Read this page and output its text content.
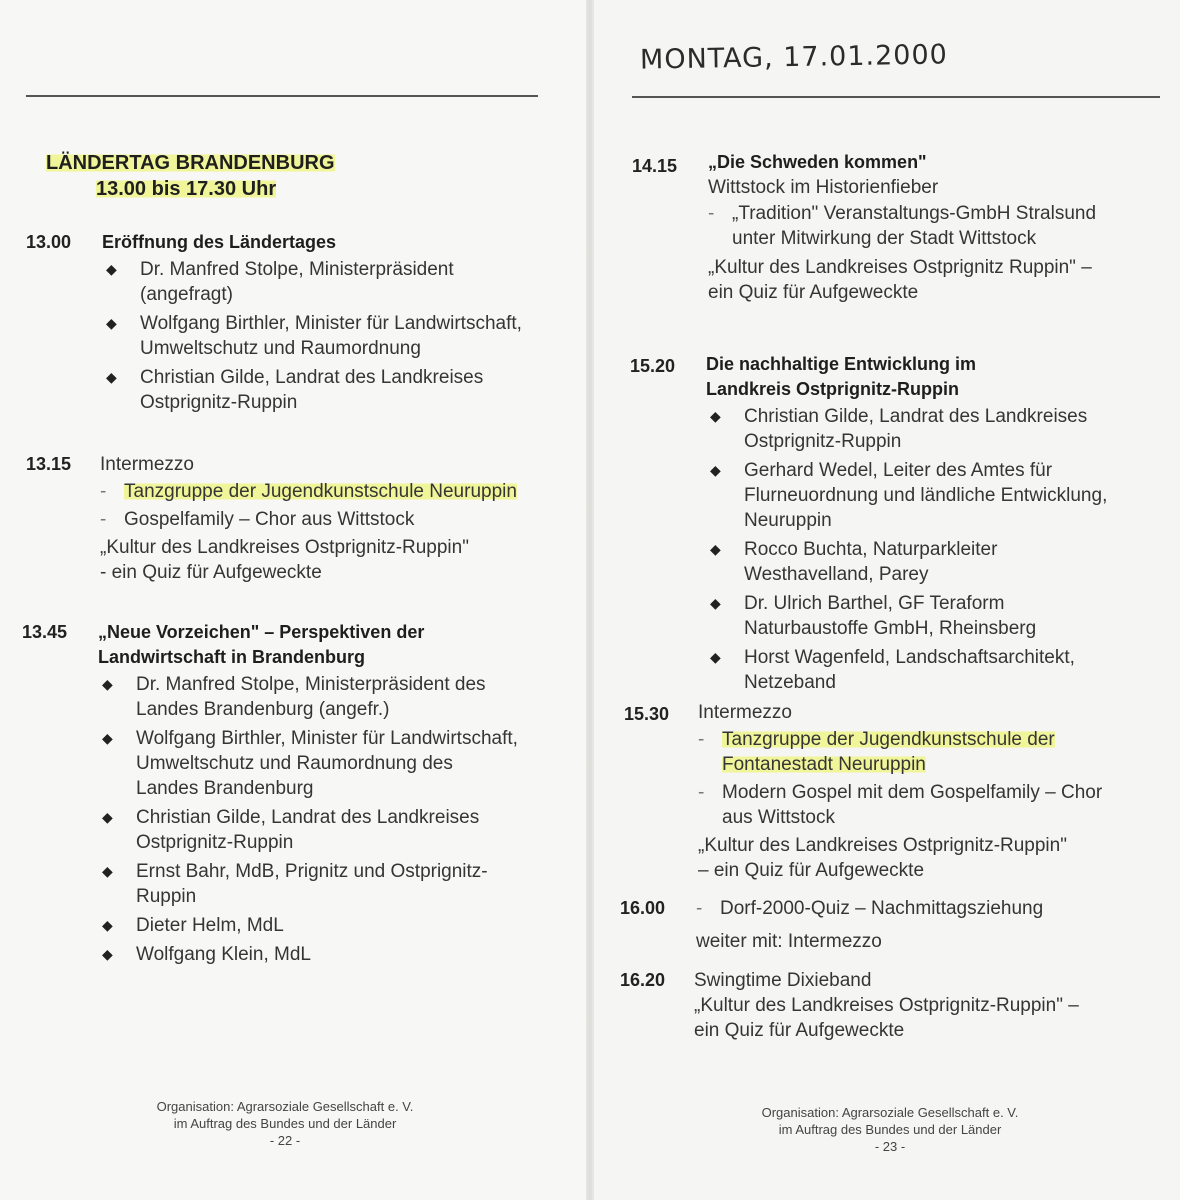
MONTAG, 17.01.2000
LÄNDERTAG BRANDENBURG
13.00 bis 17.30 Uhr
13.00 Eröffnung des Ländertages
◆ Dr. Manfred Stolpe, Ministerpräsident (angefragt)
◆ Wolfgang Birthler, Minister für Landwirtschaft, Umweltschutz und Raumordnung
◆ Christian Gilde, Landrat des Landkreises Ostprignitz-Ruppin
13.15 Intermezzo
- Tanzgruppe der Jugendkunstschule Neuruppin
- Gospelfamily – Chor aus Wittstock
„Kultur des Landkreises Ostprignitz-Ruppin" - ein Quiz für Aufgeweckte
13.45 „Neue Vorzeichen" – Perspektiven der Landwirtschaft in Brandenburg
◆ Dr. Manfred Stolpe, Ministerpräsident des Landes Brandenburg (angefr.)
◆ Wolfgang Birthler, Minister für Landwirtschaft, Umweltschutz und Raumordnung des Landes Brandenburg
◆ Christian Gilde, Landrat des Landkreises Ostprignitz-Ruppin
◆ Ernst Bahr, MdB, Prignitz und Ostprignitz-Ruppin
◆ Dieter Helm, MdL
◆ Wolfgang Klein, MdL
Organisation: Agrarsoziale Gesellschaft e. V.
im Auftrag des Bundes und der Länder
- 22 -
14.15 „Die Schweden kommen"
Wittstock im Historienfieber
- „Tradition" Veranstaltungs-GmbH Stralsund unter Mitwirkung der Stadt Wittstock
„Kultur des Landkreises Ostprignitz Ruppin" – ein Quiz für Aufgeweckte
15.20 Die nachhaltige Entwicklung im Landkreis Ostprignitz-Ruppin
◆ Christian Gilde, Landrat des Landkreises Ostprignitz-Ruppin
◆ Gerhard Wedel, Leiter des Amtes für Flurneuordnung und ländliche Entwicklung, Neuruppin
◆ Rocco Buchta, Naturparkleiter Westhavelland, Parey
◆ Dr. Ulrich Barthel, GF Teraform Naturbaustoffe GmbH, Rheinsberg
◆ Horst Wagenfeld, Landschaftsarchitekt, Netzeband
15.30 Intermezzo
- Tanzgruppe der Jugendkunstschule der Fontanestadt Neuruppin
- Modern Gospel mit dem Gospelfamily – Chor aus Wittstock
„Kultur des Landkreises Ostprignitz-Ruppin" – ein Quiz für Aufgeweckte
16.00 - Dorf-2000-Quiz – Nachmittagsziehung
weiter mit: Intermezzo
16.20 Swingtime Dixieband
„Kultur des Landkreises Ostprignitz-Ruppin" – ein Quiz für Aufgeweckte
Organisation: Agrarsoziale Gesellschaft e. V.
im Auftrag des Bundes und der Länder
- 23 -
